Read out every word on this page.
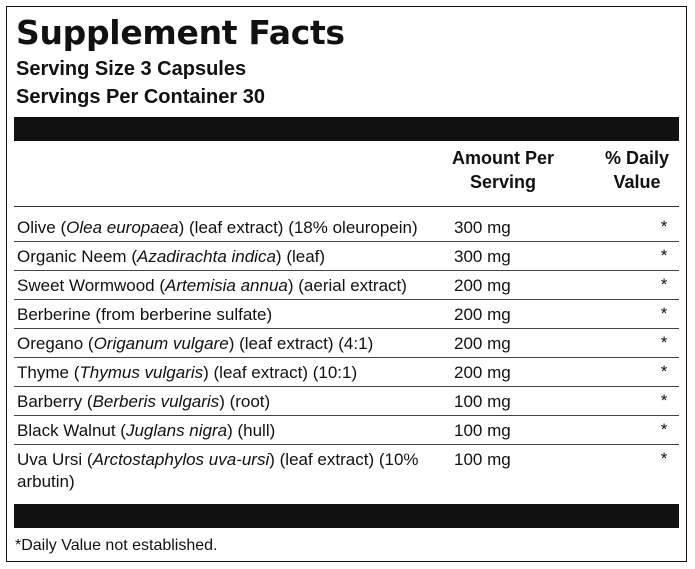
Supplement Facts
Serving Size 3 Capsules
Servings Per Container 30
Amount Per
Serving
% Daily
Value
Olive (Olea europaea) (leaf extract) (18% oleuropein)	300 mg	*
Organic Neem (Azadirachta indica) (leaf)	300 mg	*
Sweet Wormwood (Artemisia annua) (aerial extract)	200 mg	*
Berberine (from berberine sulfate)	200 mg	*
Oregano (Origanum vulgare) (leaf extract) (4:1)	200 mg	*
Thyme (Thymus vulgaris) (leaf extract) (10:1)	200 mg	*
Barberry (Berberis vulgaris) (root)	100 mg	*
Black Walnut (Juglans nigra) (hull)	100 mg	*
Uva Ursi (Arctostaphylos uva-ursi) (leaf extract) (10% arbutin)
100 mg	*
*Daily Value not established.
